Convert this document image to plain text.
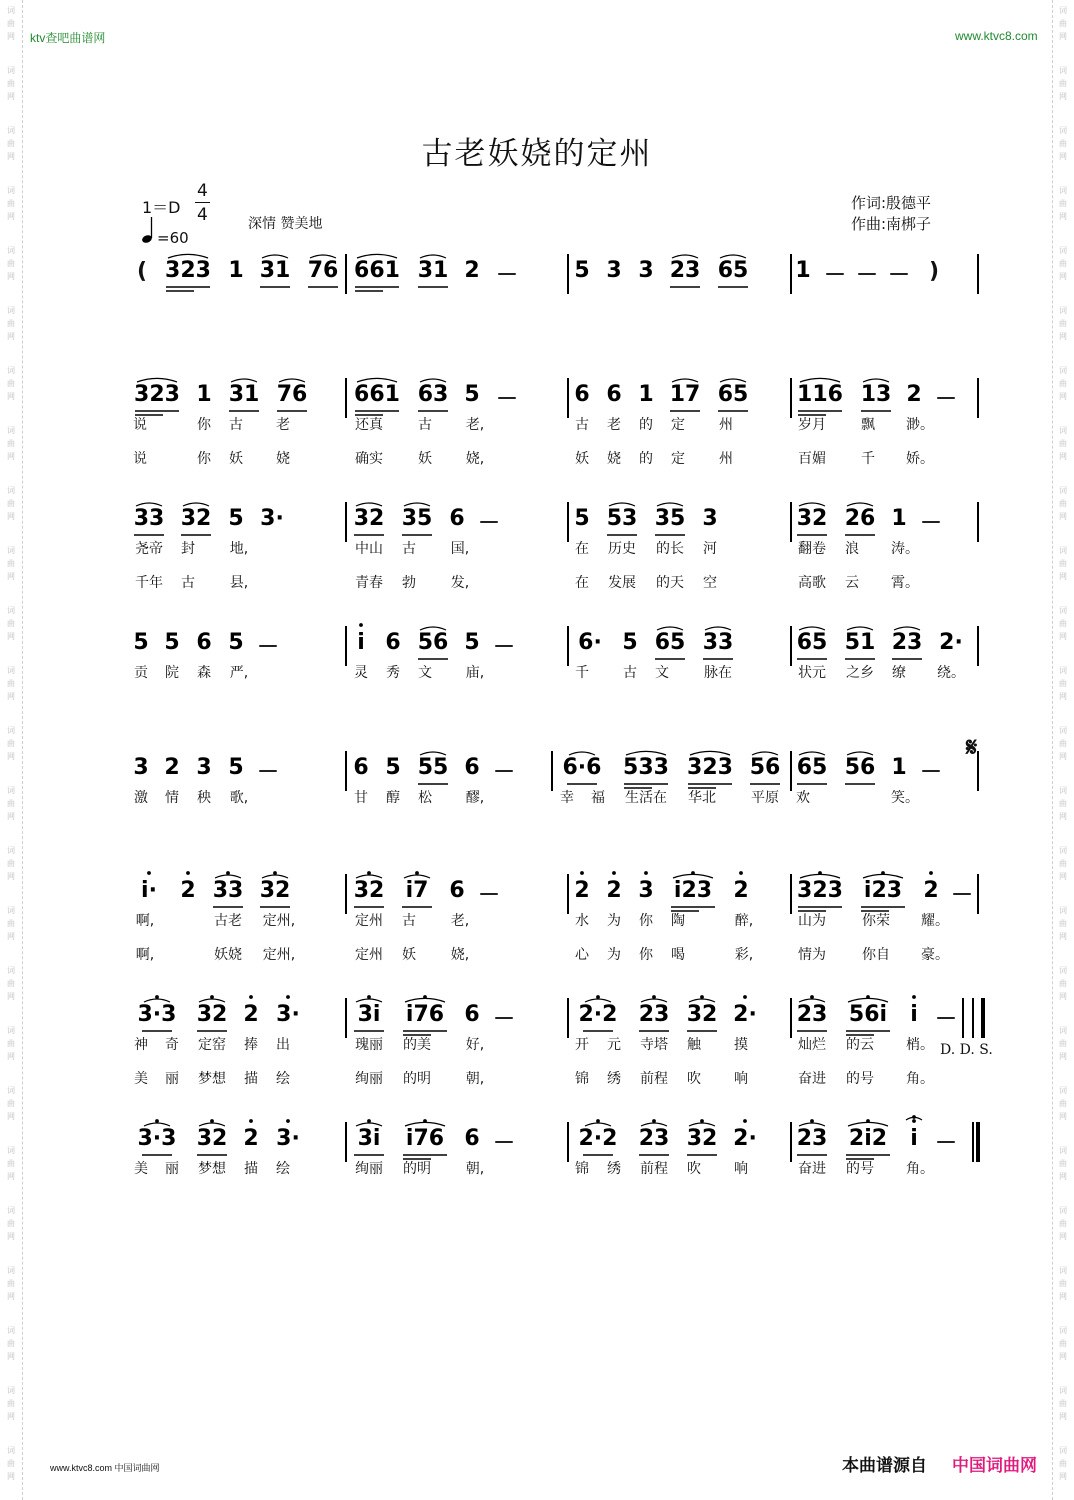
词
曲
网
词
曲
网
词
曲
网
词
曲
网
词
曲
网
词
曲
网
词
曲
网
词
曲
网
词
曲
网
词
曲
网
词
曲
网
词
曲
网
词
曲
网
词
曲
网
词
曲
网
词
曲
网
词
曲
网
词
曲
网
词
曲
网
词
曲
网
词
曲
网
词
曲
网
词
曲
网
词
曲
网
词
曲
网
词
曲
网
词
曲
网
词
曲
网
词
曲
网
词
曲
网
词
曲
网
词
曲
网
词
曲
网
词
曲
网
词
曲
网
词
曲
网
词
曲
网
词
曲
网
词
曲
网
词
曲
网
词
曲
网
词
曲
网
词
曲
网
词
曲
网
词
曲
网
词
曲
网
词
曲
网
词
曲
网
词
曲
网
词
曲
网
ktv查吧曲谱网	www.ktvc8.com
古老妖娆的定州
1＝D
4
4
=60
深情 赞美地
作词:殷德平
作曲:南梆子
323 1 31 76 661 31 2 －	5 3 3 23 65	1 － － －
323 1 31 76	661 63 5 －	6 6 1 17 65	116 13 2 －
说	你	古	老	还真	古	老,	古	老	的	定	州	岁月	飘	渺。
说	你	妖	娆	确实	妖	娆,	妖	娆	的	定	州	百媚	千	娇。
33 32 5 3·	32 35 6 －	5 53 35 3	32 26 1 －
尧帝	封	地,	中山	古	国,	在	历史	的长	河	翻卷	浪	涛。
千年	古	县,	青春	勃	发,	在	发展	的天	空	高歌	云	霄。
5 5 6 5 －	i 6 56 5 －	6· 5 65 33	65 51 23 2·
贡	院	森	严,	灵	秀	文	庙,	千	古	文	脉在	状元	之乡	缭	绕。
3 2 3 5 －	6 5 55 6 －	6·6 533 323 56 65 56 1 －
激	情	秧	歌,	甘	醇	松	醪,	幸	福	生活在	华北	平原	欢	笑。
i·	2 33 32	32 i7 6 －	2 2 3 i23 2	323 i23 2 －
啊,	古老	定州,	定州	古	老,	水	为	你	陶	醉,	山为	你荣	耀。
啊,	妖娆	定州,	定州	妖	娆,	心	为	你	喝	彩,	情为	你自	豪。
3·3 32 2 3·	3i	i76 6 －	2·2 23 32 2·	23 56i	i －
神	奇	定窑	捧	出	瑰丽	的美	好,	开	元	寺塔	触	摸	灿烂	的云	梢。
美	丽	梦想	描	绘	绚丽	的明	朝,	锦	绣	前程	吹	响	奋进	的号	角。
3·3 32 2 3·	3i	i76 6 －	2·2 23 32 2·	23 2i2	i －
美	丽	梦想	描	绘	绚丽	的明	朝,	锦	绣	前程	吹	响	奋进	的号	角。
(	)
𝄋
D. D. S.
www.ktvc8.com 中国词曲网	本曲谱源自 中国词曲网
